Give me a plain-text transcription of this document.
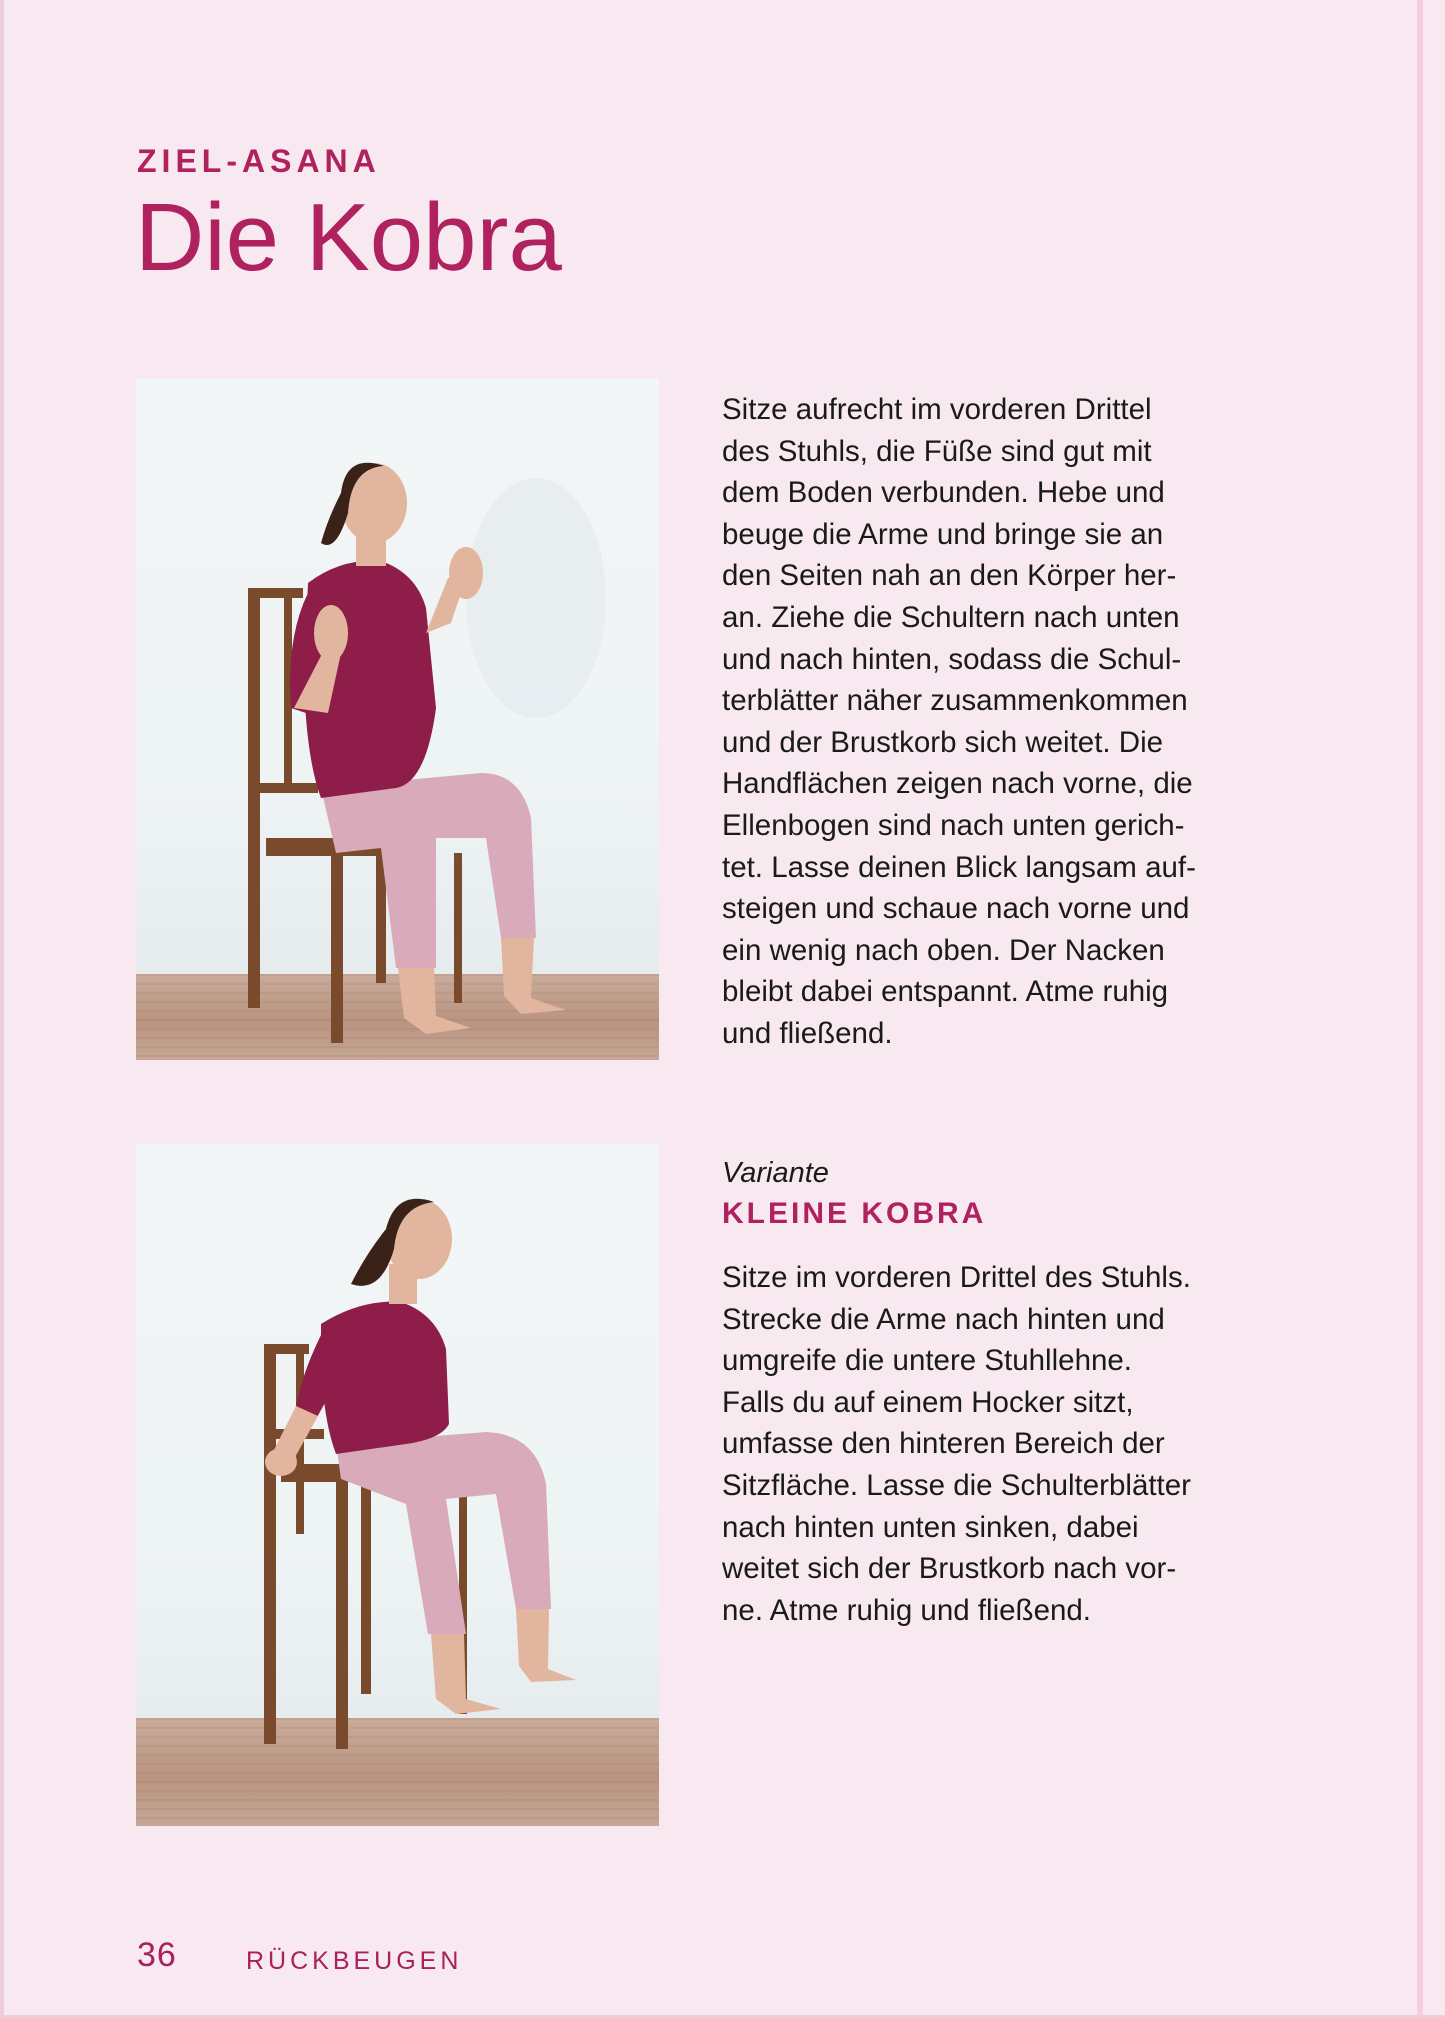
ZIEL-ASANA
Die Kobra
Sitze aufrecht im vorderen Drittel
des Stuhls, die Füße sind gut mit
dem Boden verbunden. Hebe und
beuge die Arme und bringe sie an
den Seiten nah an den Körper her-
an. Ziehe die Schultern nach unten
und nach hinten, sodass die Schul-
terblätter näher zusammenkommen
und der Brustkorb sich weitet. Die
Handflächen zeigen nach vorne, die
Ellenbogen sind nach unten gerich-
tet. Lasse deinen Blick langsam auf-
steigen und schaue nach vorne und
ein wenig nach oben. Der Nacken
bleibt dabei entspannt. Atme ruhig
und fließend.
Variante
KLEINE KOBRA
Sitze im vorderen Drittel des Stuhls.
Strecke die Arme nach hinten und
umgreife die untere Stuhllehne.
Falls du auf einem Hocker sitzt,
umfasse den hinteren Bereich der
Sitzfläche. Lasse die Schulterblätter
nach hinten unten sinken, dabei
weitet sich der Brustkorb nach vor-
ne. Atme ruhig und fließend.
36	RÜCKBEUGEN
